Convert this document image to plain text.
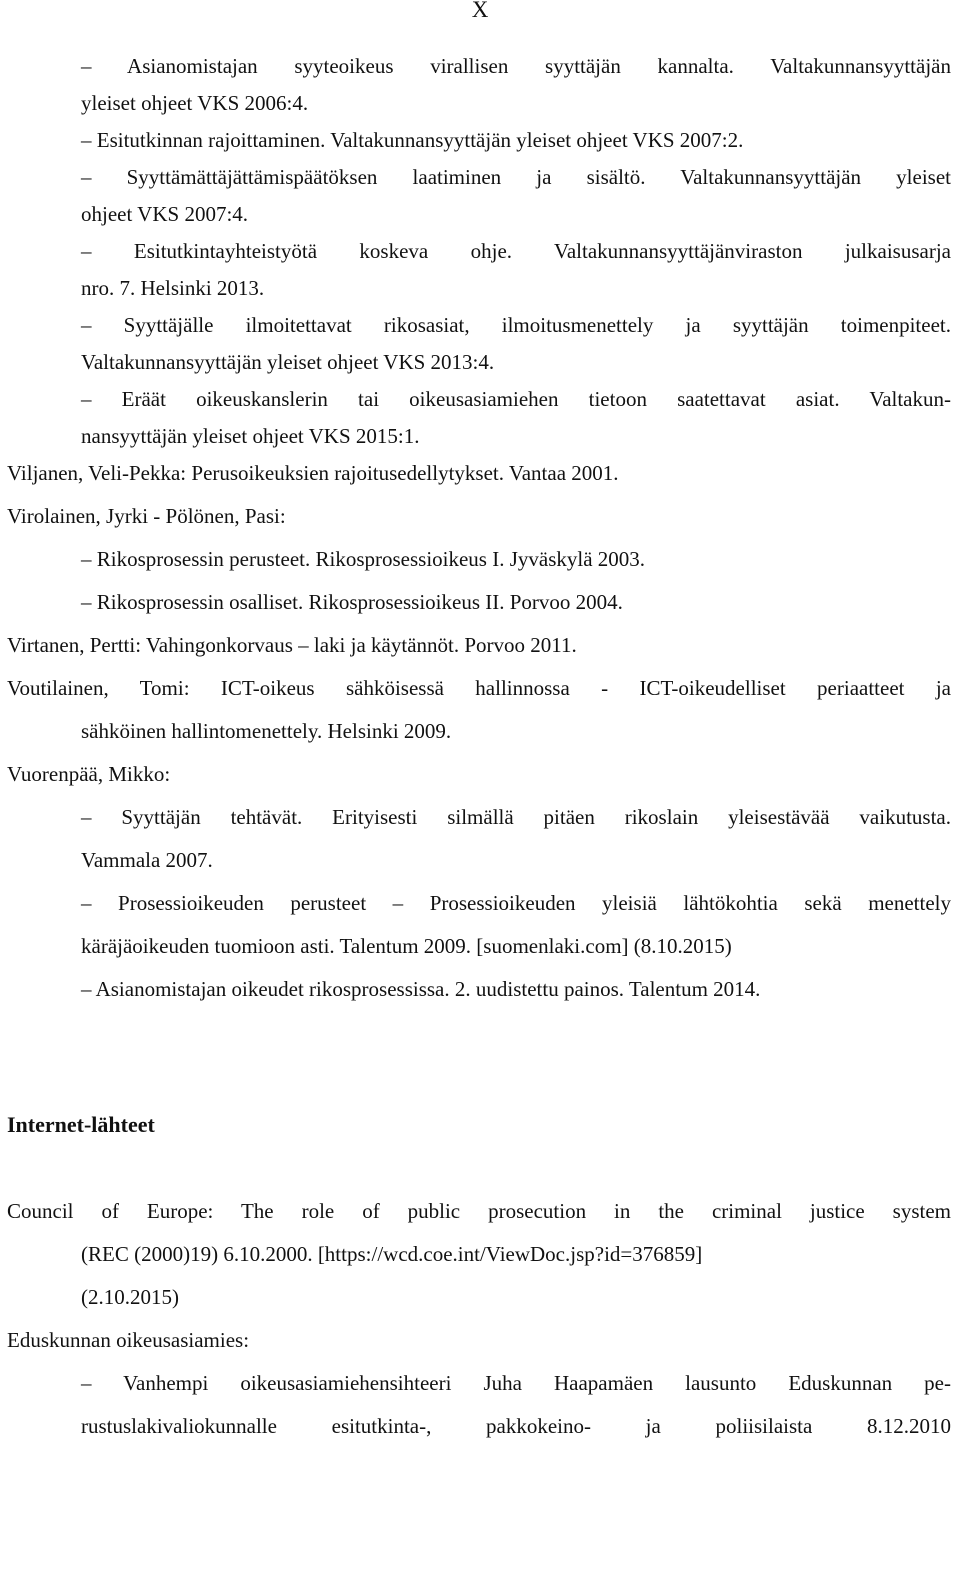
X
– Asianomistajan syyteoikeus virallisen syyttäjän kannalta. Valtakunnansyyttäjän
yleiset ohjeet VKS 2006:4.
– Esitutkinnan rajoittaminen. Valtakunnansyyttäjän yleiset ohjeet VKS 2007:2.
– Syyttämättäjättämispäätöksen laatiminen ja sisältö. Valtakunnansyyttäjän yleiset
ohjeet VKS 2007:4.
– Esitutkintayhteistyötä koskeva ohje. Valtakunnansyyttäjänviraston julkaisusarja
nro. 7. Helsinki 2013.
– Syyttäjälle ilmoitettavat rikosasiat, ilmoitusmenettely ja syyttäjän toimenpiteet.
Valtakunnansyyttäjän yleiset ohjeet VKS 2013:4.
– Eräät oikeuskanslerin tai oikeusasiamiehen tietoon saatettavat asiat. Valtakun-
nansyyttäjän yleiset ohjeet VKS 2015:1.
Viljanen, Veli-Pekka: Perusoikeuksien rajoitusedellytykset. Vantaa 2001.
Virolainen, Jyrki - Pölönen, Pasi:
– Rikosprosessin perusteet. Rikosprosessioikeus I. Jyväskylä 2003.
– Rikosprosessin osalliset. Rikosprosessioikeus II. Porvoo 2004.
Virtanen, Pertti: Vahingonkorvaus – laki ja käytännöt. Porvoo 2011.
Voutilainen, Tomi: ICT-oikeus sähköisessä hallinnossa - ICT-oikeudelliset periaatteet ja
sähköinen hallintomenettely. Helsinki 2009.
Vuorenpää, Mikko:
– Syyttäjän tehtävät. Erityisesti silmällä pitäen rikoslain yleisestävää vaikutusta.
Vammala 2007.
– Prosessioikeuden perusteet – Prosessioikeuden yleisiä lähtökohtia sekä menettely
käräjäoikeuden tuomioon asti. Talentum 2009. [suomenlaki.com] (8.10.2015)
– Asianomistajan oikeudet rikosprosessissa. 2. uudistettu painos. Talentum 2014.
Internet-lähteet
Council of Europe: The role of public prosecution in the criminal justice system
(REC (2000)19) 6.10.2000. [https://wcd.coe.int/ViewDoc.jsp?id=376859]
(2.10.2015)
Eduskunnan oikeusasiamies:
– Vanhempi oikeusasiamiehensihteeri Juha Haapamäen lausunto Eduskunnan pe-
rustuslakivaliokunnalle esitutkinta-, pakkokeino- ja poliisilaista 8.12.2010
